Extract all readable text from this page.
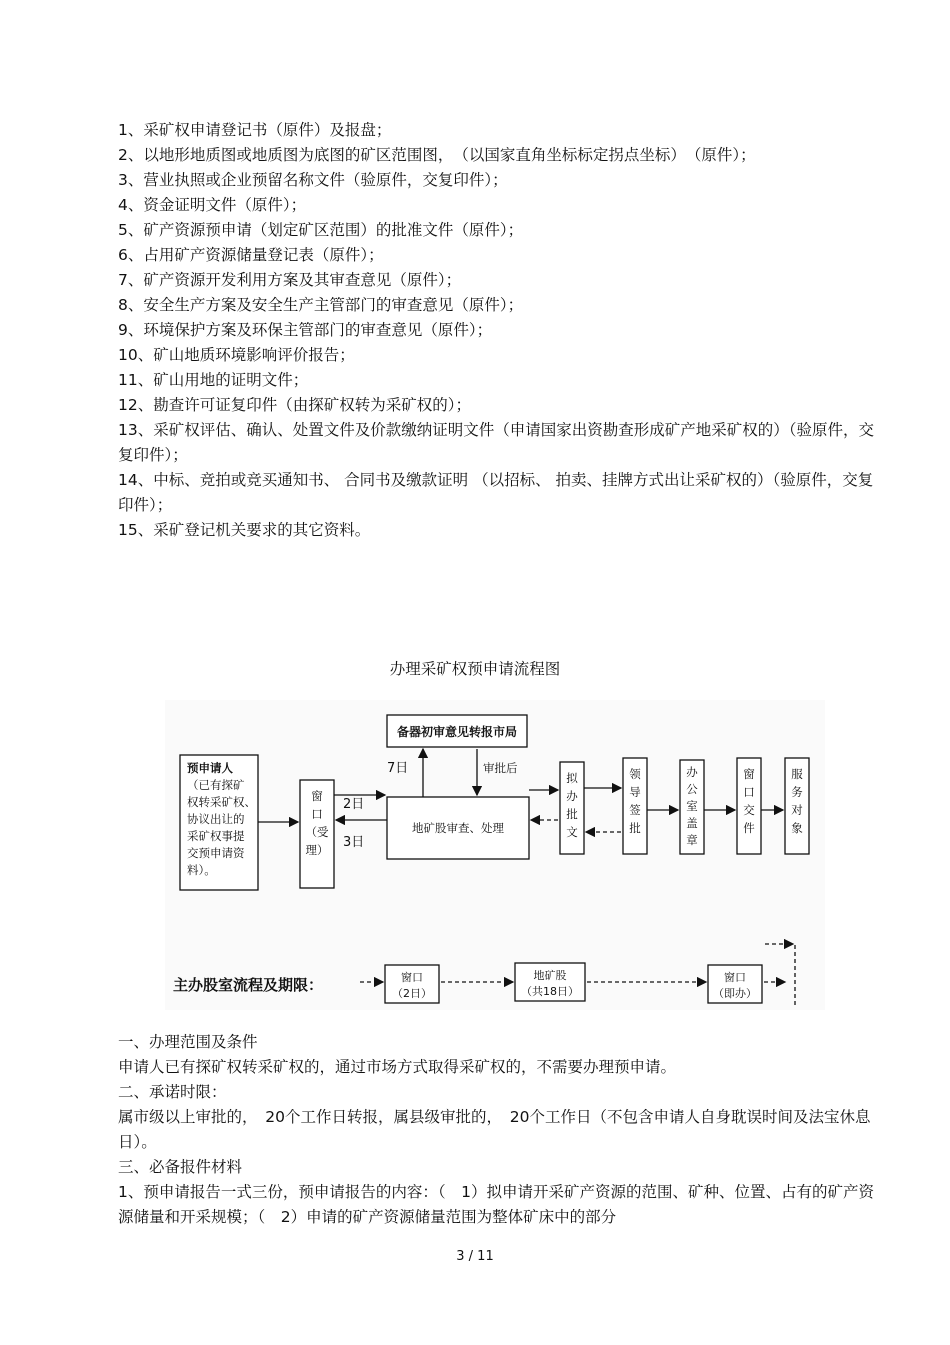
1、采矿权申请登记书（原件）及报盘；
2、以地形地质图或地质图为底图的矿区范围图，　（以国家直角坐标标定拐点坐标）　（原件）；
3、营业执照或企业预留名称文件（验原件，交复印件）；
4、资金证明文件（原件）；
5、矿产资源预申请（划定矿区范围）的批准文件（原件）；
6、占用矿产资源储量登记表（原件）；
7、矿产资源开发利用方案及其审查意见（原件）；
8、安全生产方案及安全生产主管部门的审查意见（原件）；
9、环境保护方案及环保主管部门的审查意见（原件）；
10、矿山地质环境影响评价报告；
11、矿山用地的证明文件；
12、勘查许可证复印件（由探矿权转为采矿权的）；
13、采矿权评估、确认、处置文件及价款缴纳证明文件（申请国家出资勘查形成矿产地采矿权的）（验原件，交复印件）；
14、中标、竞拍或竞买通知书、 合同书及缴款证明 （以招标、 拍卖、挂牌方式出让采矿权的）（验原件，交复印件）；
15、采矿登记机关要求的其它资料。
办理采矿权预申请流程图
备器初审意见转报市局
预申请人
（已有探矿
权转采矿权、
协议出让的
采矿权事提
交预申请资
料）。
窗
口
（受
理）
地矿股审查、处理
7日	审批后
2日
3日
拟
办
批
文
领
导
签
批
办
公
室
盖
章
窗
口
交
件
服
务
对
象
主办股室流程及期限：	窗口
（2日）
地矿股
（共18日）
窗口
（即办）
一、办理范围及条件
申请人已有探矿权转采矿权的，通过市场方式取得采矿权的，不需要办理预申请。
二、承诺时限：
属市级以上审批的，　20个工作日转报，属县级审批的，　20个工作日（不包含申请人自身耽误时间及法宝休息日）。
三、必备报件材料
1、预申请报告一式三份，预申请报告的内容：（　1）拟申请开采矿产资源的范围、矿种、位置、占有的矿产资源储量和开采规模；（　2）申请的矿产资源储量范围为整体矿床中的部分
3 / 11
